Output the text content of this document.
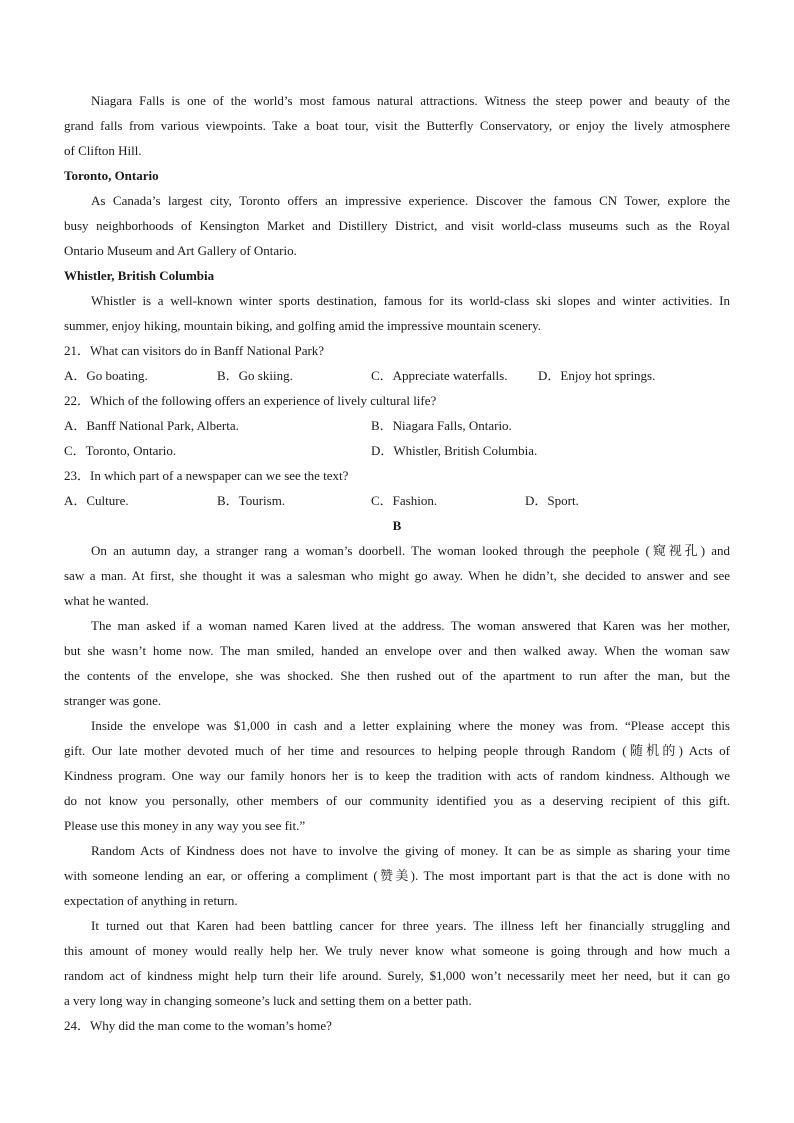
Niagara Falls is one of the world’s most famous natural attractions. Witness the steep power and beauty of the
grand falls from various viewpoints. Take a boat tour, visit the Butterfly Conservatory, or enjoy the lively atmosphere
of Clifton Hill.
Toronto, Ontario
As Canada’s largest city, Toronto offers an impressive experience. Discover the famous CN Tower, explore the
busy neighborhoods of Kensington Market and Distillery District, and visit world-class museums such as the Royal
Ontario Museum and Art Gallery of Ontario.
Whistler, British Columbia
Whistler is a well-known winter sports destination, famous for its world-class ski slopes and winter activities. In
summer, enjoy hiking, mountain biking, and golfing amid the impressive mountain scenery.
21．What can visitors do in Banff National Park?
A．Go boating.	B．Go skiing.	C．Appreciate waterfalls. D．Enjoy hot springs.
22．Which of the following offers an experience of lively cultural life?
A．Banff National Park, Alberta.	B．Niagara Falls, Ontario.
C．Toronto, Ontario.	D．Whistler, British Columbia.
23．In which part of a newspaper can we see the text?
A．Culture.	B．Tourism.	C．Fashion.	D．Sport.
B
On an autumn day, a stranger rang a woman’s doorbell. The woman looked through the peephole (窥视孔) and
saw a man. At first, she thought it was a salesman who might go away. When he didn’t, she decided to answer and see
what he wanted.
The man asked if a woman named Karen lived at the address. The woman answered that Karen was her mother,
but she wasn’t home now. The man smiled, handed an envelope over and then walked away. When the woman saw
the contents of the envelope, she was shocked. She then rushed out of the apartment to run after the man, but the
stranger was gone.
Inside the envelope was $1,000 in cash and a letter explaining where the money was from. “Please accept this
gift. Our late mother devoted much of her time and resources to helping people through Random (随机的) Acts of
Kindness program. One way our family honors her is to keep the tradition with acts of random kindness. Although we
do not know you personally, other members of our community identified you as a deserving recipient of this gift.
Please use this money in any way you see fit.”
Random Acts of Kindness does not have to involve the giving of money. It can be as simple as sharing your time
with someone lending an ear, or offering a compliment (赞美). The most important part is that the act is done with no
expectation of anything in return.
It turned out that Karen had been battling cancer for three years. The illness left her financially struggling and
this amount of money would really help her. We truly never know what someone is going through and how much a
random act of kindness might help turn their life around. Surely, $1,000 won’t necessarily meet her need, but it can go
a very long way in changing someone’s luck and setting them on a better path.
24．Why did the man come to the woman’s home?
